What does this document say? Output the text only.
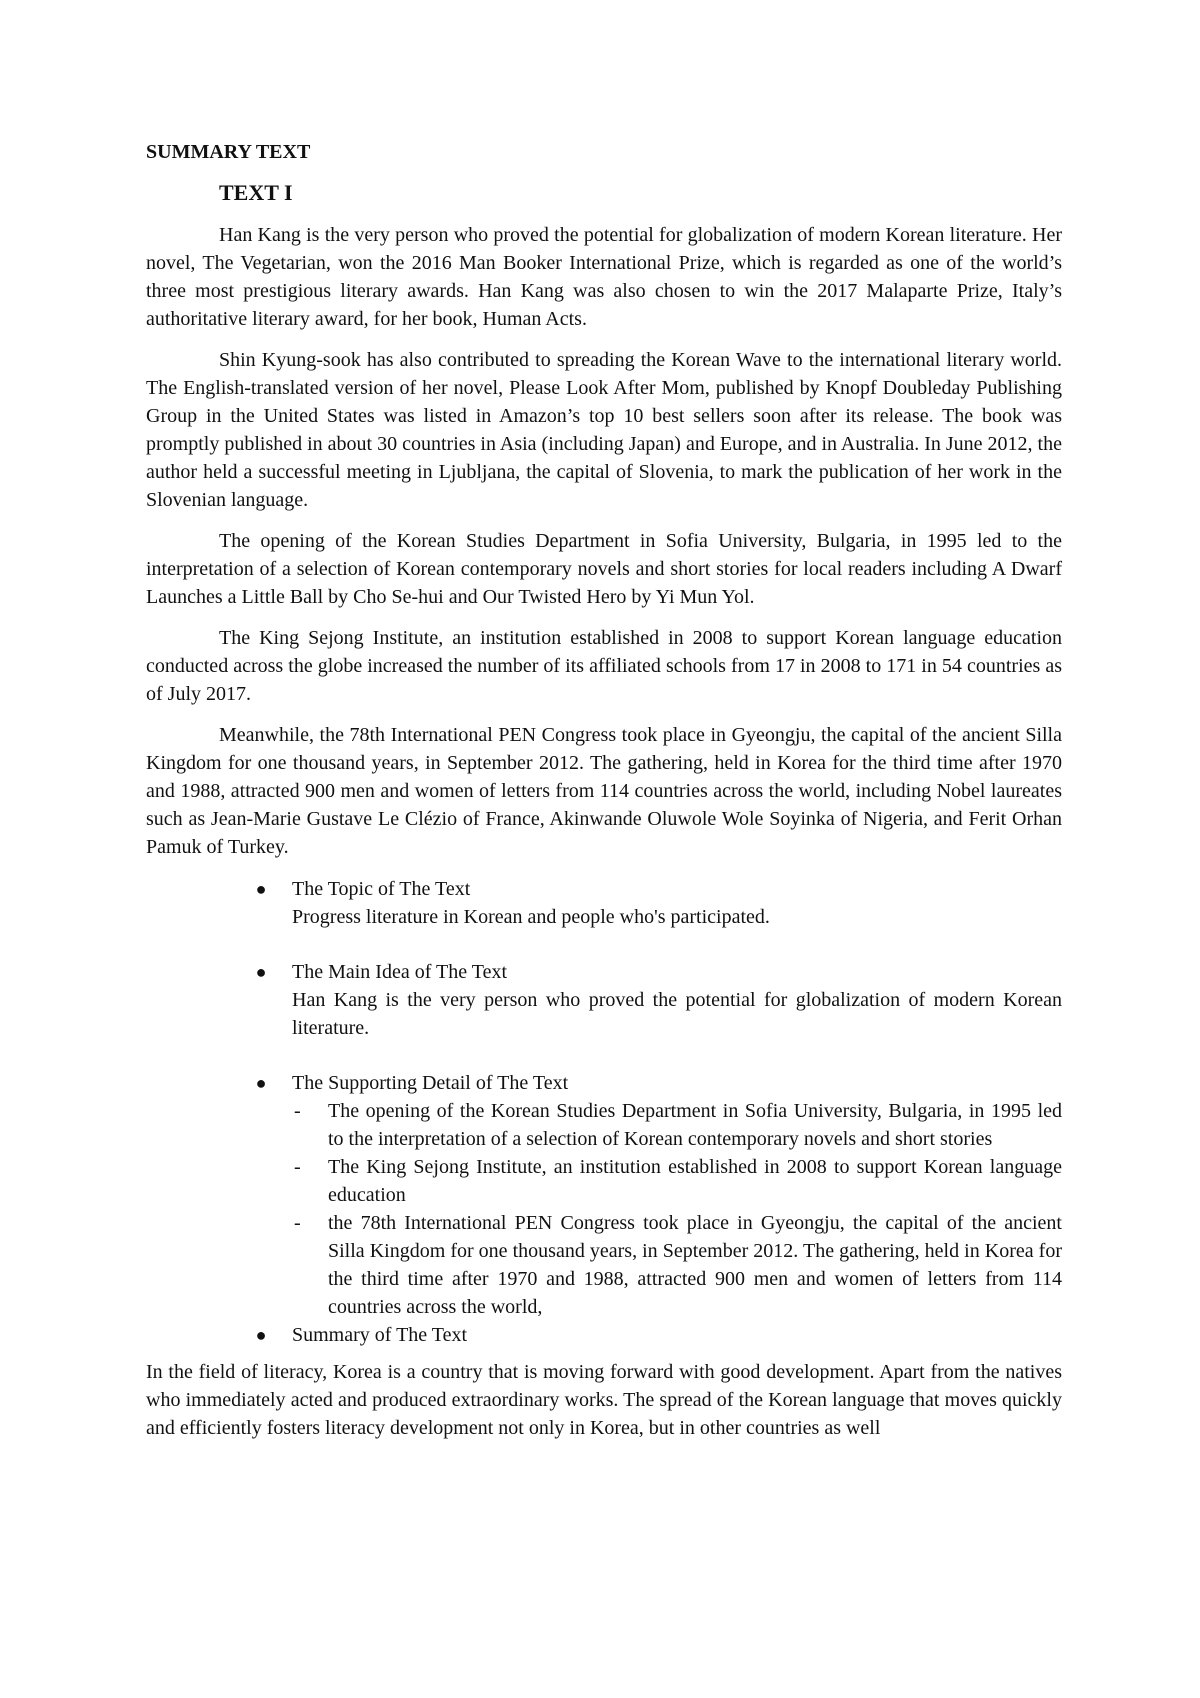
SUMMARY TEXT
TEXT I

Han Kang is the very person who proved the potential for globalization of modern Korean literature. Her novel, The Vegetarian, won the 2016 Man Booker International Prize, which is regarded as one of the world’s three most prestigious literary awards. Han Kang was also chosen to win the 2017 Malaparte Prize, Italy’s authoritative literary award, for her book, Human Acts.

Shin Kyung-sook has also contributed to spreading the Korean Wave to the international literary world. The English-translated version of her novel, Please Look After Mom, published by Knopf Doubleday Publishing Group in the United States was listed in Amazon’s top 10 best sellers soon after its release. The book was promptly published in about 30 countries in Asia (including Japan) and Europe, and in Australia. In June 2012, the author held a successful meeting in Ljubljana, the capital of Slovenia, to mark the publication of her work in the Slovenian language.

The opening of the Korean Studies Department in Sofia University, Bulgaria, in 1995 led to the interpretation of a selection of Korean contemporary novels and short stories for local readers including A Dwarf Launches a Little Ball by Cho Se-hui and Our Twisted Hero by Yi Mun Yol.

The King Sejong Institute, an institution established in 2008 to support Korean language education conducted across the globe increased the number of its affiliated schools from 17 in 2008 to 171 in 54 countries as of July 2017.

Meanwhile, the 78th International PEN Congress took place in Gyeongju, the capital of the ancient Silla Kingdom for one thousand years, in September 2012. The gathering, held in Korea for the third time after 1970 and 1988, attracted 900 men and women of letters from 114 countries across the world, including Nobel laureates such as Jean-Marie Gustave Le Clézio of France, Akinwande Oluwole Wole Soyinka of Nigeria, and Ferit Orhan Pamuk of Turkey.

● The Topic of The Text
Progress literature in Korean and people who's participated.
● The Main Idea of The Text
Han Kang is the very person who proved the potential for globalization of modern Korean literature.
● The Supporting Detail of The Text
- The opening of the Korean Studies Department in Sofia University, Bulgaria, in 1995 led to the interpretation of a selection of Korean contemporary novels and short stories
- The King Sejong Institute, an institution established in 2008 to support Korean language education
- the 78th International PEN Congress took place in Gyeongju, the capital of the ancient Silla Kingdom for one thousand years, in September 2012. The gathering, held in Korea for the third time after 1970 and 1988, attracted 900 men and women of letters from 114 countries across the world,
● Summary of The Text

In the field of literacy, Korea is a country that is moving forward with good development. Apart from the natives who immediately acted and produced extraordinary works. The spread of the Korean language that moves quickly and efficiently fosters literacy development not only in Korea, but in other countries as well
